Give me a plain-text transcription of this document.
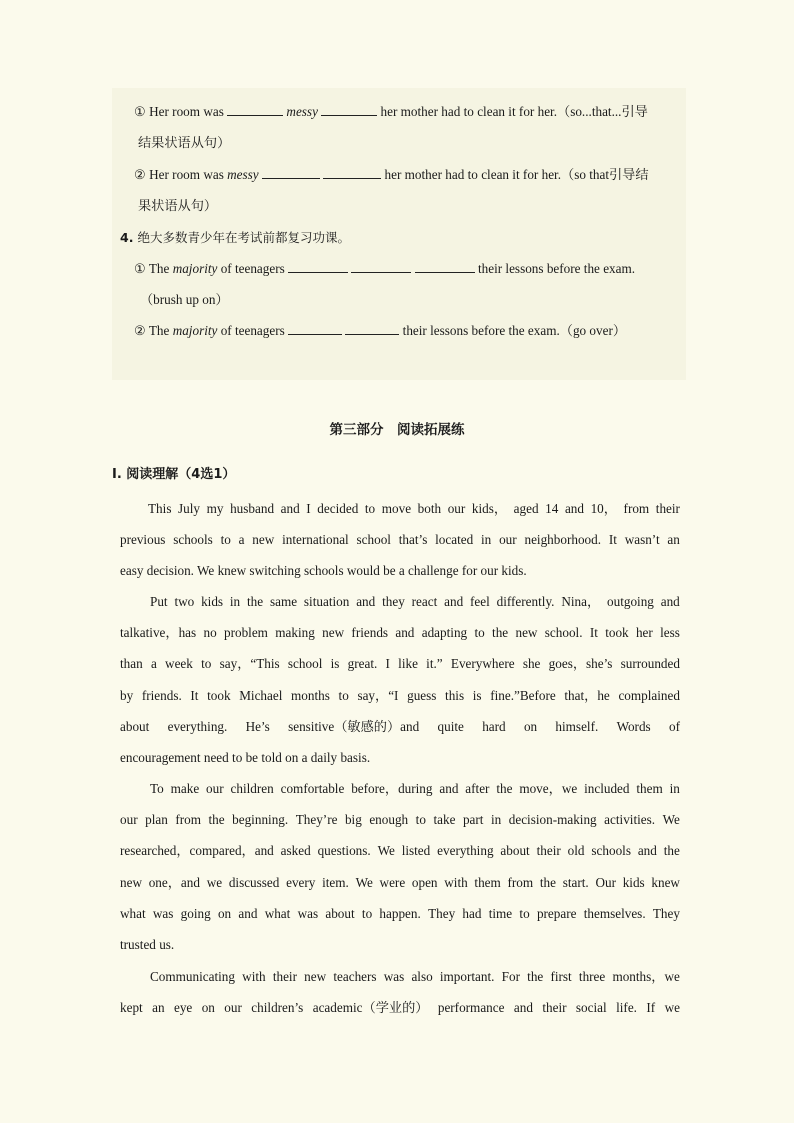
① Her room was	messy	her mother had to clean it for her.（so...that...引导
结果状语从句）
② Her room was messy	her mother had to clean it for her.（so that引导结
果状语从句）
4. 绝大多数青少年在考试前都复习功课。
① The majority of teenagers	their lessons before the exam.
（brush up on）
② The majority of teenagers	their lessons before the exam.（go over）
第三部分　阅读拓展练
Ⅰ. 阅读理解（4选1）
This July my husband and I decided to move both our kids， aged 14 and 10， from their
previous schools to a new international school that’s located in our neighborhood. It wasn’t an
easy decision. We knew switching schools would be a challenge for our kids.
Put two kids in the same situation and they react and feel differently. Nina， outgoing and
talkative，has no problem making new friends and adapting to the new school. It took her less
than a week to say，“This school is great. I like it.” Everywhere she goes，she’s surrounded
by friends. It took Michael months to say，“I guess this is fine.”Before that，he complained
about everything. He’s sensitive（敏感的）and quite hard on himself. Words of
encouragement need to be told on a daily basis.
To make our children comfortable before，during and after the move，we included them in
our plan from the beginning. They’re big enough to take part in decision-making activities. We
researched，compared，and asked questions. We listed everything about their old schools and the
new one，and we discussed every item. We were open with them from the start. Our kids knew
what was going on and what was about to happen. They had time to prepare themselves. They
trusted us.
Communicating with their new teachers was also important. For the first three months，we
kept an eye on our children’s academic（学业的） performance and their social life. If we
